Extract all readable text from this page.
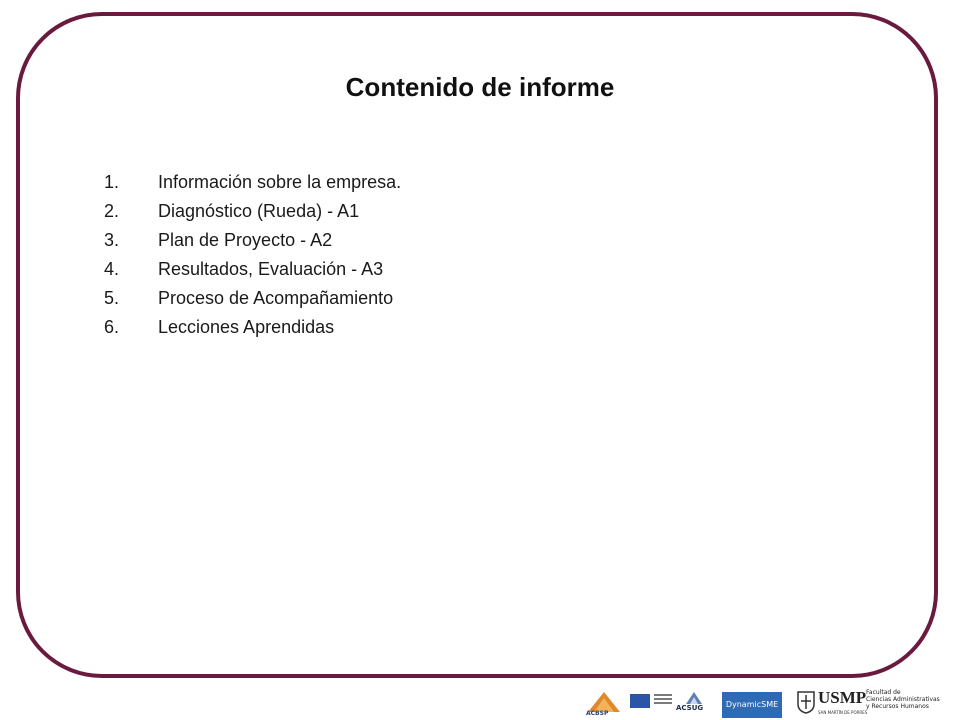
Contenido de informe
1. Información sobre la empresa.
2. Diagnóstico (Rueda) - A1
3. Plan de Proyecto - A2
4. Resultados, Evaluación - A3
5. Proceso de Acompañamiento
6. Lecciones Aprendidas
ACBSP
ACSUG	DynamicSME USMP
SAN MARTÍN DE PORRES
Facultad de
Ciencias Administrativas
y Recursos Humanos
